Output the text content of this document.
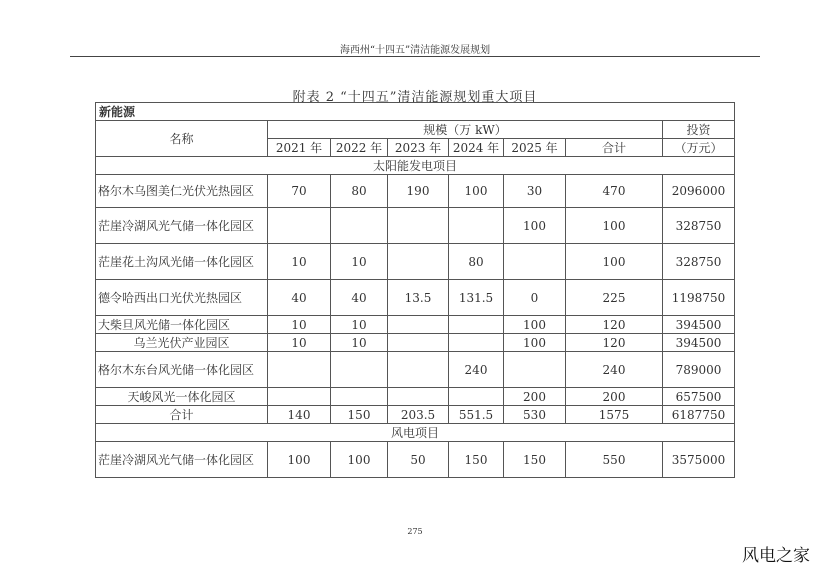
海西州“十四五”清洁能源发展规划
附表 2 “十四五”清洁能源规划重大项目
新能源							
名称	规模（万 kW）						投资
	2021 年	2022 年	2023 年	2024 年	2025 年	合计	（万元）
太阳能发电项目							
格尔木乌图美仁光伏光热园区	70	80	190	100	30	470	2096000
茫崖冷湖风光气储一体化园区					100	100	328750
茫崖花土沟风光储一体化园区	10	10		80		100	328750
德令哈西出口光伏光热园区	40	40	13.5	131.5	0	225	1198750
大柴旦风光储一体化园区	10	10			100	120	394500
乌兰光伏产业园区	10	10			100	120	394500
格尔木东台风光储一体化园区				240		240	789000
天峻风光一体化园区					200	200	657500
合计	140	150	203.5	551.5	530	1575	6187750
风电项目							
茫崖冷湖风光气储一体化园区	100	100	50	150	150	550	3575000
275
风电之家
